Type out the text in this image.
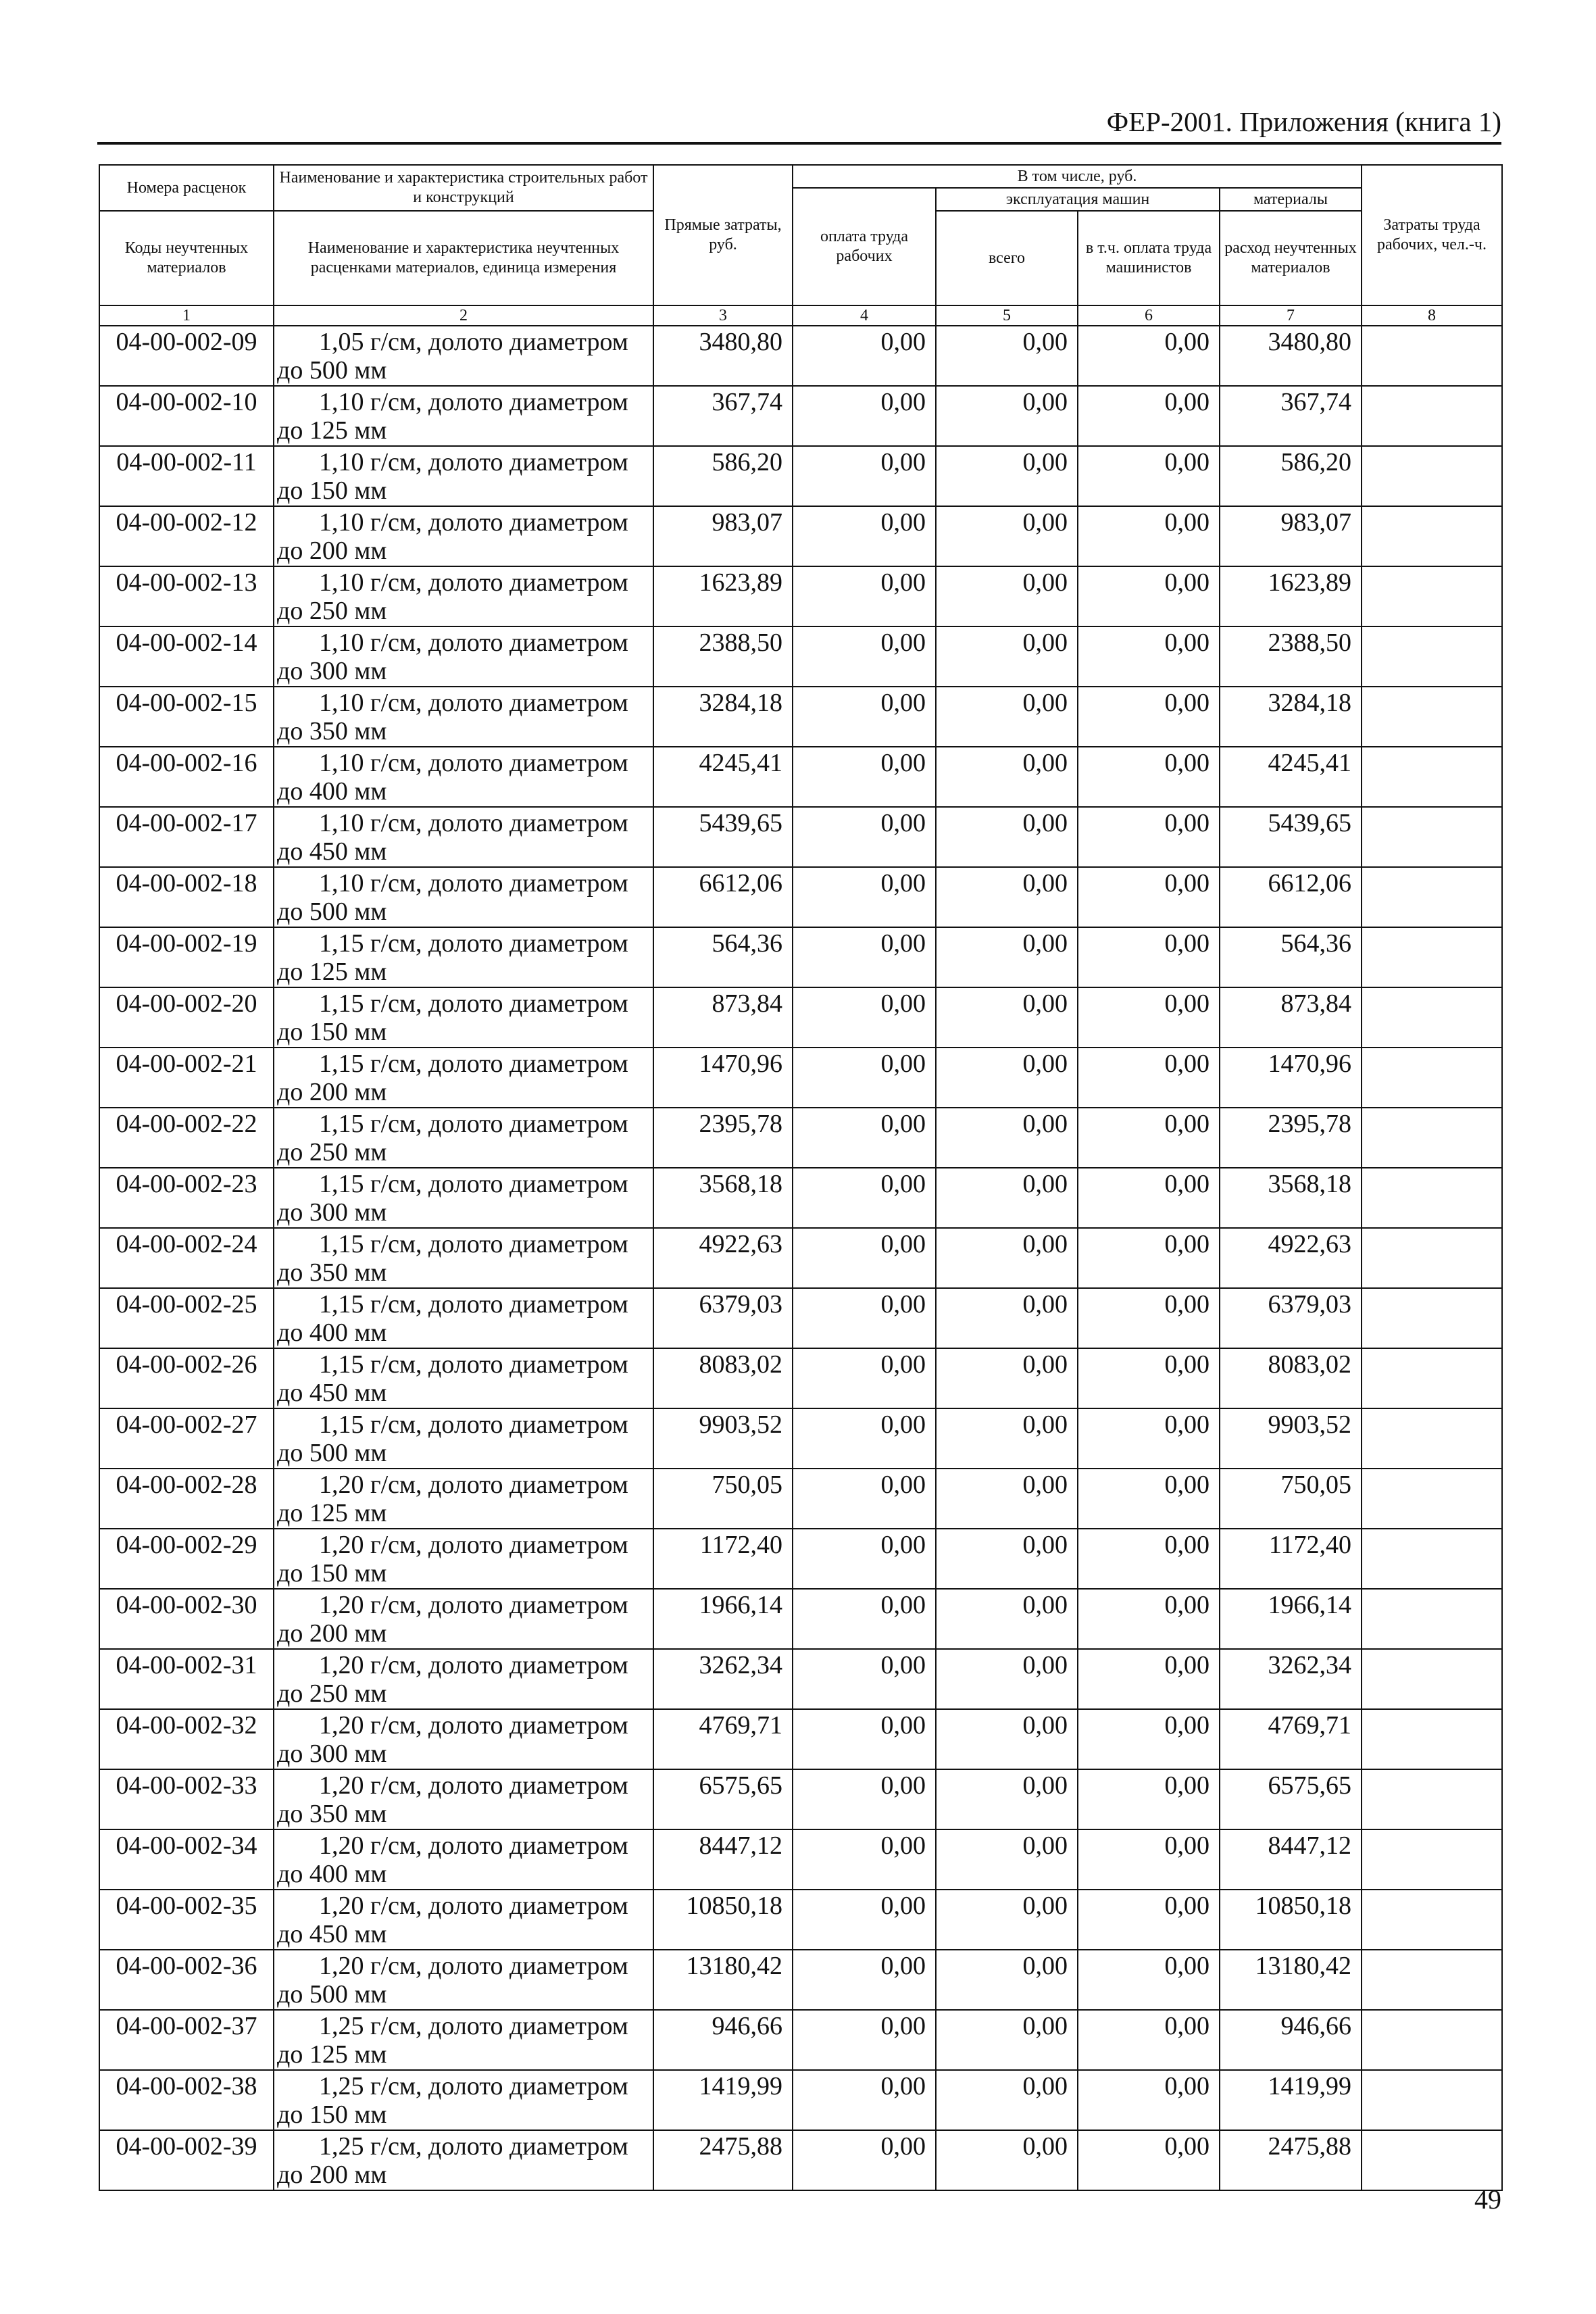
ФЕР-2001. Приложения (книга 1)
Номера расценок	Наименование и характеристика строительных работ и конструкций	Прямые затраты, руб.	В том числе, руб.				Затраты труда рабочих, чел.-ч.
			оплата труда рабочих	эксплуатация машин		материалы	
Коды неучтенных материалов	Наименование и характеристика неучтенных расценками материалов, единица измерения			всего	в т.ч. оплата труда машинистов	расход неучтенных материалов	

1	2	3	4	5	6	7	8
04-00-002-09	1,05 г/см, долото диаметром до 500 мм	3480,80	0,00	0,00	0,00	3480,80	
04-00-002-10	1,10 г/см, долото диаметром до 125 мм	367,74	0,00	0,00	0,00	367,74	
04-00-002-11	1,10 г/см, долото диаметром до 150 мм	586,20	0,00	0,00	0,00	586,20	
04-00-002-12	1,10 г/см, долото диаметром до 200 мм	983,07	0,00	0,00	0,00	983,07	
04-00-002-13	1,10 г/см, долото диаметром до 250 мм	1623,89	0,00	0,00	0,00	1623,89	
04-00-002-14	1,10 г/см, долото диаметром до 300 мм	2388,50	0,00	0,00	0,00	2388,50	
04-00-002-15	1,10 г/см, долото диаметром до 350 мм	3284,18	0,00	0,00	0,00	3284,18	
04-00-002-16	1,10 г/см, долото диаметром до 400 мм	4245,41	0,00	0,00	0,00	4245,41	
04-00-002-17	1,10 г/см, долото диаметром до 450 мм	5439,65	0,00	0,00	0,00	5439,65	
04-00-002-18	1,10 г/см, долото диаметром до 500 мм	6612,06	0,00	0,00	0,00	6612,06	
04-00-002-19	1,15 г/см, долото диаметром до 125 мм	564,36	0,00	0,00	0,00	564,36	
04-00-002-20	1,15 г/см, долото диаметром до 150 мм	873,84	0,00	0,00	0,00	873,84	
04-00-002-21	1,15 г/см, долото диаметром до 200 мм	1470,96	0,00	0,00	0,00	1470,96	
04-00-002-22	1,15 г/см, долото диаметром до 250 мм	2395,78	0,00	0,00	0,00	2395,78	
04-00-002-23	1,15 г/см, долото диаметром до 300 мм	3568,18	0,00	0,00	0,00	3568,18	
04-00-002-24	1,15 г/см, долото диаметром до 350 мм	4922,63	0,00	0,00	0,00	4922,63	
04-00-002-25	1,15 г/см, долото диаметром до 400 мм	6379,03	0,00	0,00	0,00	6379,03	
04-00-002-26	1,15 г/см, долото диаметром до 450 мм	8083,02	0,00	0,00	0,00	8083,02	
04-00-002-27	1,15 г/см, долото диаметром до 500 мм	9903,52	0,00	0,00	0,00	9903,52	
04-00-002-28	1,20 г/см, долото диаметром до 125 мм	750,05	0,00	0,00	0,00	750,05	
04-00-002-29	1,20 г/см, долото диаметром до 150 мм	1172,40	0,00	0,00	0,00	1172,40	
04-00-002-30	1,20 г/см, долото диаметром до 200 мм	1966,14	0,00	0,00	0,00	1966,14	
04-00-002-31	1,20 г/см, долото диаметром до 250 мм	3262,34	0,00	0,00	0,00	3262,34	
04-00-002-32	1,20 г/см, долото диаметром до 300 мм	4769,71	0,00	0,00	0,00	4769,71	
04-00-002-33	1,20 г/см, долото диаметром до 350 мм	6575,65	0,00	0,00	0,00	6575,65	
04-00-002-34	1,20 г/см, долото диаметром до 400 мм	8447,12	0,00	0,00	0,00	8447,12	
04-00-002-35	1,20 г/см, долото диаметром до 450 мм	10850,18	0,00	0,00	0,00	10850,18	
04-00-002-36	1,20 г/см, долото диаметром до 500 мм	13180,42	0,00	0,00	0,00	13180,42	
04-00-002-37	1,25 г/см, долото диаметром до 125 мм	946,66	0,00	0,00	0,00	946,66	
04-00-002-38	1,25 г/см, долото диаметром до 150 мм	1419,99	0,00	0,00	0,00	1419,99	
04-00-002-39	1,25 г/см, долото диаметром до 200 мм	2475,88	0,00	0,00	0,00	2475,88	
49
